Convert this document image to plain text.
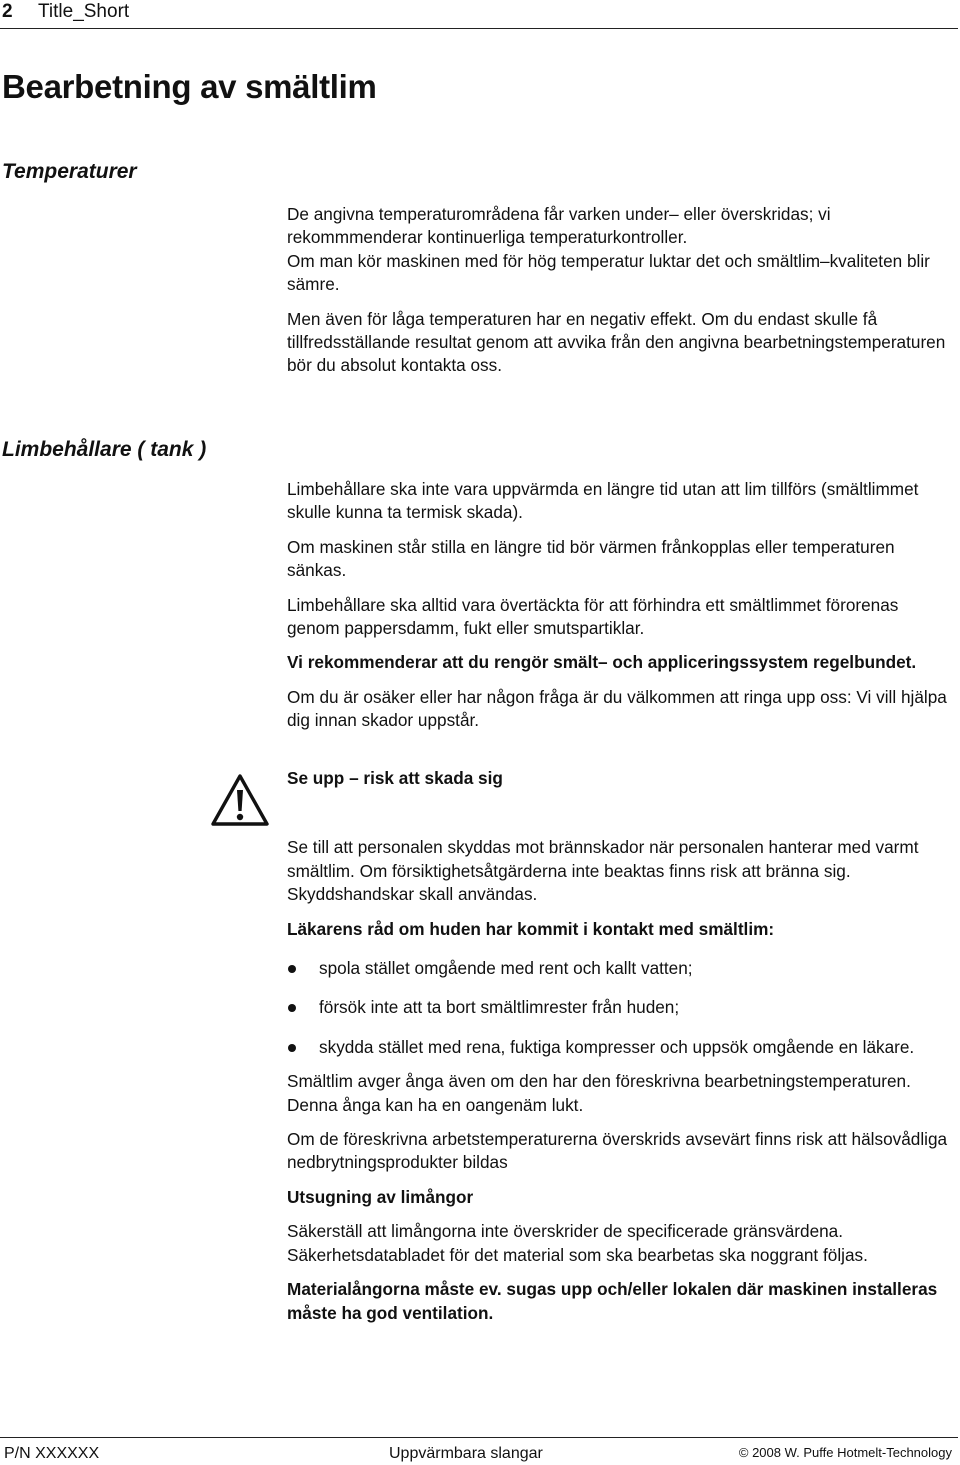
2 Title_Short
Bearbetning av smältlim
Temperaturer

De angivna temperaturområdena får varken under– eller överskridas; vi rekommmenderar kontinuerliga temperaturkontroller.

Om man kör maskinen med för hög temperatur luktar det och smältlim–kvaliteten blir sämre.

Men även för låga temperaturen har en negativ effekt. Om du endast skulle få tillfredsställande resultat genom att avvika från den angivna bearbetningstemperaturen bör du absolut kontakta oss.

Limbehållare ( tank )

Limbehållare ska inte vara uppvärmda en längre tid utan att lim tillförs (smältlimmet skulle kunna ta termisk skada).

Om maskinen står stilla en längre tid bör värmen frånkopplas eller temperaturen sänkas.

Limbehållare ska alltid vara övertäckta för att förhindra ett smältlimmet förorenas genom pappersdamm, fukt eller smutspartiklar.

Vi rekommenderar att du rengör smält– och appliceringssystem regelbundet.

Om du är osäker eller har någon fråga är du välkommen att ringa upp oss: Vi vill hjälpa dig innan skador uppstår.

Se upp – risk att skada sig

Se till att personalen skyddas mot brännskador när personalen hanterar med varmt smältlim. Om försiktighetsåtgärderna inte beaktas finns risk att bränna sig. Skyddshandskar skall användas.

Läkarens råd om huden har kommit i kontakt med smältlim:

spola stället omgående med rent och kallt vatten;

försök inte att ta bort smältlimrester från huden;

skydda stället med rena, fuktiga kompresser och uppsök omgående en läkare.

Smältlim avger ånga även om den har den föreskrivna bearbetningstemperaturen. Denna ånga kan ha en oangenäm lukt.

Om de föreskrivna arbetstemperaturerna överskrids avsevärt finns risk att hälsovådliga nedbrytningsprodukter bildas

Utsugning av limångor

Säkerställ att limångorna inte överskrider de specificerade gränsvärdena. Säkerhetsdatabladet för det material som ska bearbetas ska noggrant följas.

Materialångorna måste ev. sugas upp och/eller lokalen där maskinen installeras måste ha god ventilation.

P/N XXXXXX	Uppvärmbara slangar	© 2008 W. Puffe Hotmelt-Technology
